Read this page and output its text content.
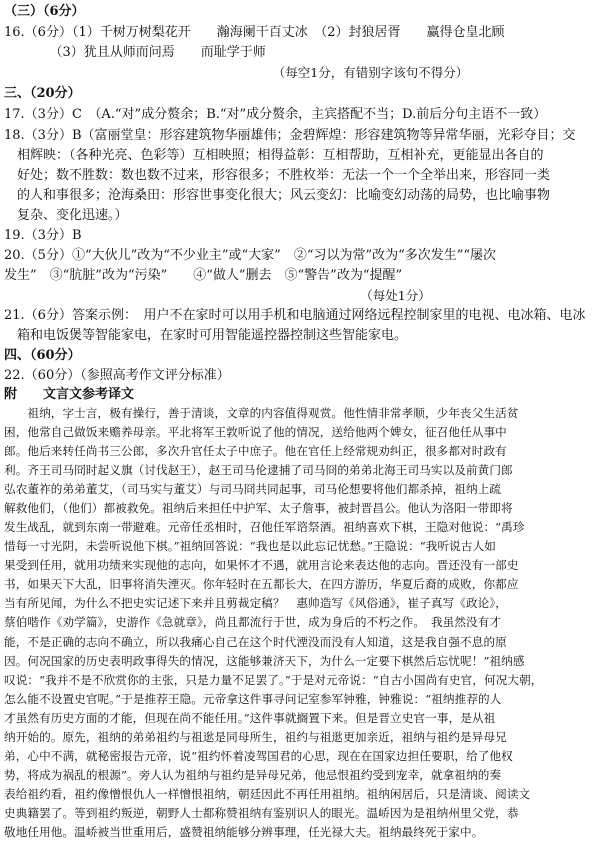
（三）（6分）
16.（6分）（1）千树万树梨花开　　瀚海阑干百丈冰　（2）封狼居胥　　赢得仓皇北顾
　　　　（3）犹且从师而问焉　　而耻学于师
　　　　　　　　　　　　　　　　　　　　　　（每空1分，有错别字该句不得分）
三、（20分）
17.（3分）C　（A.“对”成分赘余；B.“对”成分赘余，主宾搭配不当；D.前后分句主语不一致）
18.（3分）B（富丽堂皇：形容建筑物华丽雄伟；金碧辉煌：形容建筑物等异常华丽，光彩夺目；交
　相辉映：（各种光亮、色彩等）互相映照；相得益彰：互相帮助，互相补充，更能显出各自的
　好处；数不胜数：数也数不过来，形容很多；不胜枚举：无法一个一个全举出来，形容同一类
　的人和事很多；沧海桑田：形容世事变化很大；风云变幻：比喻变幻动荡的局势，也比喻事物
　复杂、变化迅速。）
19.（3分）B
20.（5分）①“大伙儿”改为“不少业主”或“大家”　②“习以为常”改为“多次发生”“屡次
发生”　③“肮脏”改为“污染”　　④“做人”删去　⑤“警告”改为“提醒”
　　　　　　　　　　　　　　　　　　　　　　　　　　　　　（每处1分）
21.（6分）答案示例：　用户不在家时可以用手机和电脑通过网络远程控制家里的电视、电冰箱、电冰
　箱和电饭煲等智能家电，在家时可用智能遥控器控制这些智能家电。
四、（60分）
22.（60分）（参照高考作文评分标准）
附　　文言文参考译文
　　祖纳，字士言，极有操行，善于清谈，文章的内容值得观赏。他性情非常孝顺，少年丧父生活贫
困，他常自己做饭来赡养母亲。平北将军王敦听说了他的情况，送给他两个婢女，征召他任从事中
郎。他后来转任尚书三公郎，多次升官任太子中庶子。他在官任上经常规劝纠正，很多都对时政有
利。齐王司马冏时起义旗（讨伐赵王），赵王司马伦逮捕了司马冏的弟弟北海王司马实以及前黄门郎
弘农董祚的弟弟董艾，（司马实与董艾）与司马冏共同起事，司马伦想要将他们都杀掉，祖纳上疏
解救他们，（他们）都被救免。祖纳后来担任中护军、太子詹事，被封晋昌公。他认为洛阳一带即将
发生战乱，就到东南一带避难。元帝任丞相时，召他任军谘祭酒。祖纳喜欢下棋，王隐对他说：“禹珍
惜每一寸光阴，未尝听说他下棋。”祖纳回答说：“我也是以此忘记忧愁。”王隐说：“我听说古人如
果受到任用，就用功绩来实现他的志向，如果怀才不遇，就用言论来表达他的志向。晋还没有一部史
书，如果天下大乱，旧事将消失湮灭。你年轻时在五都长大，在四方游历，华夏后裔的成败，你都应
当有所见闻，为什么不把史实记述下来并且剪裁定稿？　惠帅造写《风俗通》，崔子真写《政论》，
蔡伯喈作《劝学篇》，史游作《急就章》，尚且都流行于世，成为身后的不朽之作。　我虽然没有才
能，不是正确的志向不确立，所以我痛心自己在这个时代湮没而没有人知道，这是我自强不息的原
因。何况国家的历史表明政事得失的情况，这能够兼济天下，为什么一定要下棋然后忘忧呢！”祖纳感
叹说：“我并不是不欣赏你的主张，只是力量不足罢了。”于是对元帝说：“自古小国尚有史官，何况大朝，
怎么能不设置史官呢。”于是推荐王隐。元帝拿这件事寻问记室参军钟雅，钟雅说：“祖纳推荐的人
才虽然有历史方面的才能，但现在尚不能任用。”这件事就搁置下来。但是晋立史官一事，是从祖
纳开始的。原先，祖纳的弟弟祖约与祖逖是同母所生，祖约与祖逖更加亲近，祖纳与祖约是异母兄
弟，心中不满，就秘密报告元帝，说“祖约怀着凌驾国君的心思，现在在国家边担任要职，给了他权
势，将成为祸乱的根源”。旁人认为祖纳与祖约是异母兄弟，他忌恨祖约受到宠幸，就拿祖纳的奏
表给祖约看，祖约像憎恨仇人一样憎恨祖纳，朝廷因此不再任用祖纳。祖纳闲居后，只是清谈、阅读文
史典籍罢了。等到祖约叛逆，朝野人士都称赞祖纳有鉴别识人的眼光。温峤因为是祖纳州里父党，恭
敬地任用他。温峤被当世重用后，盛赞祖纳能够分辨事理，任光禄大夫。祖纳最终死于家中。
